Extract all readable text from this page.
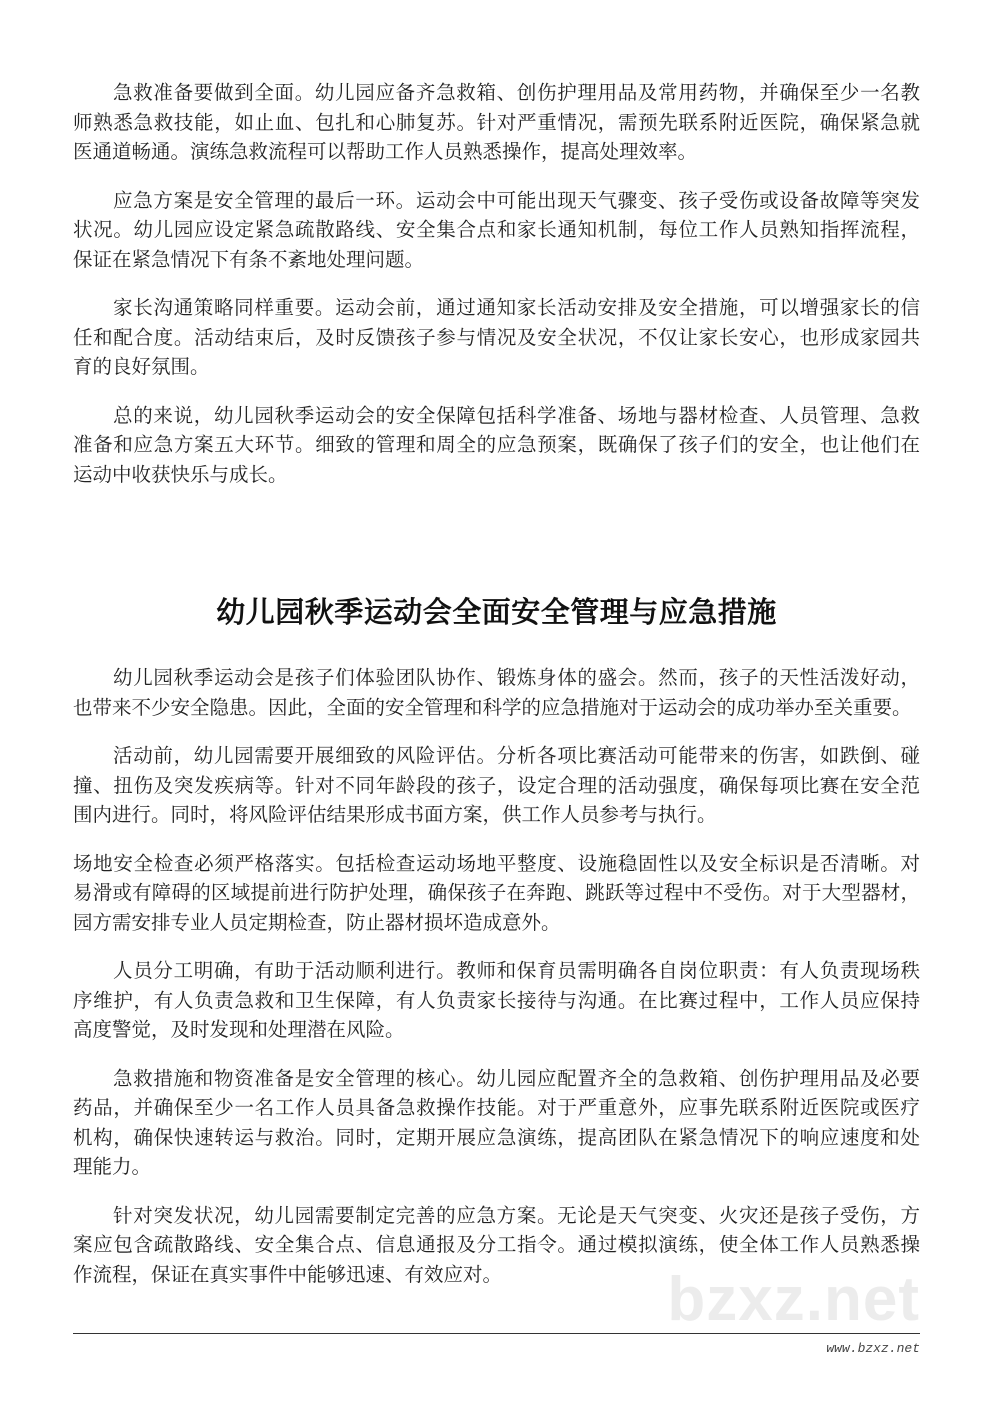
bzxz.net
急救准备要做到全面。幼儿园应备齐急救箱、创伤护理用品及常用药物，并确保至少一名教
师熟悉急救技能，如止血、包扎和心肺复苏。针对严重情况，需预先联系附近医院，确保紧急就
医通道畅通。演练急救流程可以帮助工作人员熟悉操作，提高处理效率。
应急方案是安全管理的最后一环。运动会中可能出现天气骤变、孩子受伤或设备故障等突发
状况。幼儿园应设定紧急疏散路线、安全集合点和家长通知机制，每位工作人员熟知指挥流程，
保证在紧急情况下有条不紊地处理问题。
家长沟通策略同样重要。运动会前，通过通知家长活动安排及安全措施，可以增强家长的信
任和配合度。活动结束后，及时反馈孩子参与情况及安全状况，不仅让家长安心，也形成家园共
育的良好氛围。
总的来说，幼儿园秋季运动会的安全保障包括科学准备、场地与器材检查、人员管理、急救
准备和应急方案五大环节。细致的管理和周全的应急预案，既确保了孩子们的安全，也让他们在
运动中收获快乐与成长。
幼儿园秋季运动会全面安全管理与应急措施
幼儿园秋季运动会是孩子们体验团队协作、锻炼身体的盛会。然而，孩子的天性活泼好动，
也带来不少安全隐患。因此，全面的安全管理和科学的应急措施对于运动会的成功举办至关重要。
活动前，幼儿园需要开展细致的风险评估。分析各项比赛活动可能带来的伤害，如跌倒、碰
撞、扭伤及突发疾病等。针对不同年龄段的孩子，设定合理的活动强度，确保每项比赛在安全范
围内进行。同时，将风险评估结果形成书面方案，供工作人员参考与执行。
场地安全检查必须严格落实。包括检查运动场地平整度、设施稳固性以及安全标识是否清晰。对
易滑或有障碍的区域提前进行防护处理，确保孩子在奔跑、跳跃等过程中不受伤。对于大型器材，
园方需安排专业人员定期检查，防止器材损坏造成意外。
人员分工明确，有助于活动顺利进行。教师和保育员需明确各自岗位职责：有人负责现场秩
序维护，有人负责急救和卫生保障，有人负责家长接待与沟通。在比赛过程中，工作人员应保持
高度警觉，及时发现和处理潜在风险。
急救措施和物资准备是安全管理的核心。幼儿园应配置齐全的急救箱、创伤护理用品及必要
药品，并确保至少一名工作人员具备急救操作技能。对于严重意外，应事先联系附近医院或医疗
机构，确保快速转运与救治。同时，定期开展应急演练，提高团队在紧急情况下的响应速度和处
理能力。
针对突发状况，幼儿园需要制定完善的应急方案。无论是天气突变、火灾还是孩子受伤，方
案应包含疏散路线、安全集合点、信息通报及分工指令。通过模拟演练，使全体工作人员熟悉操
作流程，保证在真实事件中能够迅速、有效应对。
www.bzxz.net
